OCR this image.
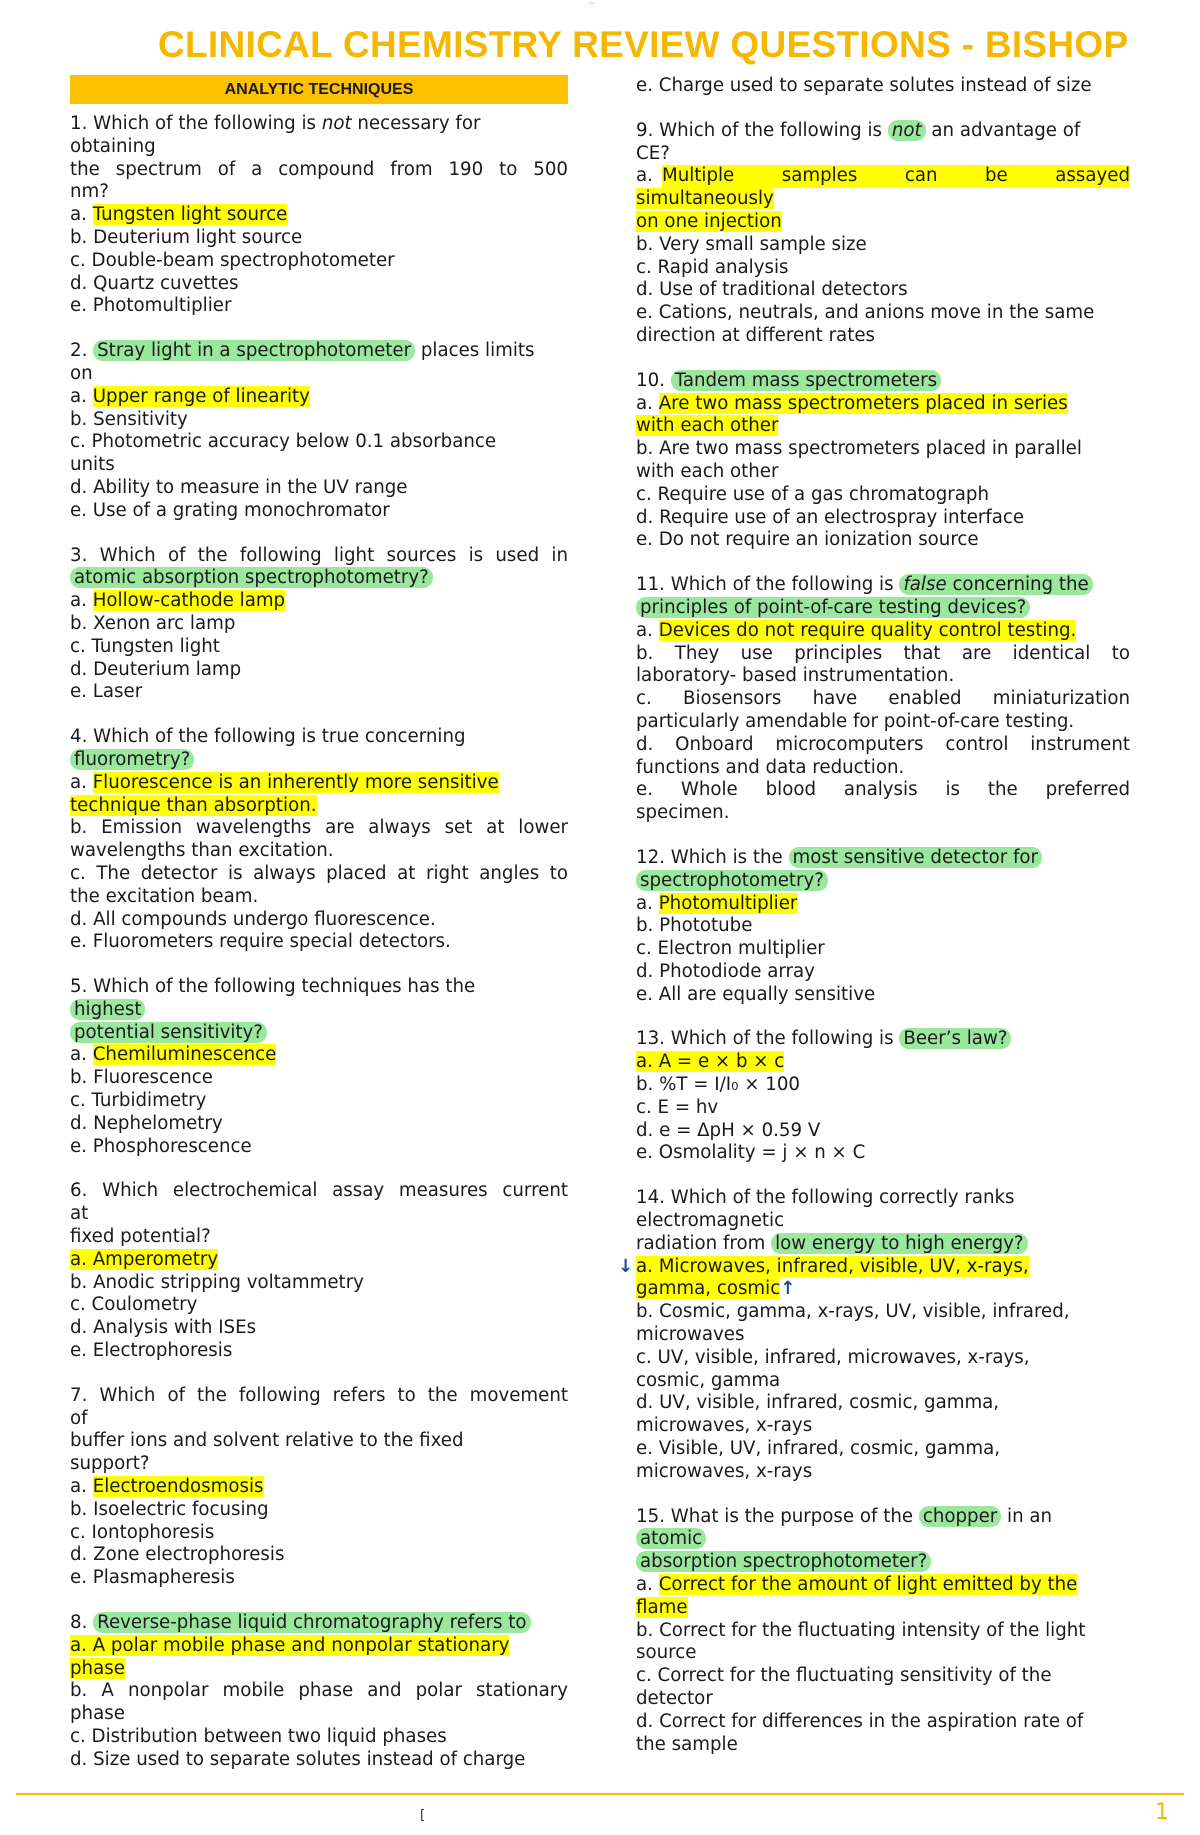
-:-
CLINICAL CHEMISTRY REVIEW QUESTIONS - BISHOP
ANALYTIC TECHNIQUES
1. Which of the following is not necessary for
obtaining
the spectrum of a compound from 190 to 500
nm?
a. Tungsten light source
b. Deuterium light source
c. Double-beam spectrophotometer
d. Quartz cuvettes
e. Photomultiplier
2. Stray light in a spectrophotometer places limits
on
a. Upper range of linearity
b. Sensitivity
c. Photometric accuracy below 0.1 absorbance
units
d. Ability to measure in the UV range
e. Use of a grating monochromator
3. Which of the following light sources is used in
atomic absorption spectrophotometry?
a. Hollow-cathode lamp
b. Xenon arc lamp
c. Tungsten light
d. Deuterium lamp
e. Laser
4. Which of the following is true concerning
fluorometry?
a. Fluorescence is an inherently more sensitive
technique than absorption.
b. Emission wavelengths are always set at lower
wavelengths than excitation.
c. The detector is always placed at right angles to
the excitation beam.
d. All compounds undergo fluorescence.
e. Fluorometers require special detectors.
5. Which of the following techniques has the
highest
potential sensitivity?
a. Chemiluminescence
b. Fluorescence
c. Turbidimetry
d. Nephelometry
e. Phosphorescence
6. Which electrochemical assay measures current
at
fixed potential?
a. Amperometry
b. Anodic stripping voltammetry
c. Coulometry
d. Analysis with ISEs
e. Electrophoresis
7. Which of the following refers to the movement
of
buffer ions and solvent relative to the fixed
support?
a. Electroendosmosis
b. Isoelectric focusing
c. Iontophoresis
d. Zone electrophoresis
e. Plasmapheresis
8. Reverse-phase liquid chromatography refers to
a. A polar mobile phase and nonpolar stationary
phase
b. A nonpolar mobile phase and polar stationary
phase
c. Distribution between two liquid phases
d. Size used to separate solutes instead of charge
e. Charge used to separate solutes instead of size
9. Which of the following is not an advantage of
CE?
a. Multiple samples can be assayed
simultaneously
on one injection
b. Very small sample size
c. Rapid analysis
d. Use of traditional detectors
e. Cations, neutrals, and anions move in the same
direction at different rates
10. Tandem mass spectrometers
a. Are two mass spectrometers placed in series
with each other
b. Are two mass spectrometers placed in parallel
with each other
c. Require use of a gas chromatograph
d. Require use of an electrospray interface
e. Do not require an ionization source
11. Which of the following is false concerning the
principles of point-of-care testing devices?
a. Devices do not require quality control testing.
b. They use principles that are identical to
laboratory- based instrumentation.
c. Biosensors have enabled miniaturization
particularly amendable for point-of-care testing.
d. Onboard microcomputers control instrument
functions and data reduction.
e. Whole blood analysis is the preferred
specimen.
12. Which is the most sensitive detector for
spectrophotometry?
a. Photomultiplier
b. Phototube
c. Electron multiplier
d. Photodiode array
e. All are equally sensitive
13. Which of the following is Beer’s law?
a. A = e × b × c
b. %T = I/I₀ × 100
c. E = hv
d. e = ΔpH × 0.59 V
e. Osmolality = j × n × C
14. Which of the following correctly ranks
electromagnetic
radiation from low energy to high energy?
↓ a. Microwaves, infrared, visible, UV, x-rays,
gamma, cosmic↑
b. Cosmic, gamma, x-rays, UV, visible, infrared,
microwaves
c. UV, visible, infrared, microwaves, x-rays,
cosmic, gamma
d. UV, visible, infrared, cosmic, gamma,
microwaves, x-rays
e. Visible, UV, infrared, cosmic, gamma,
microwaves, x-rays
15. What is the purpose of the chopper in an
atomic
absorption spectrophotometer?
a. Correct for the amount of light emitted by the
flame
b. Correct for the fluctuating intensity of the light
source
c. Correct for the fluctuating sensitivity of the
detector
d. Correct for differences in the aspiration rate of
the sample
[	1
